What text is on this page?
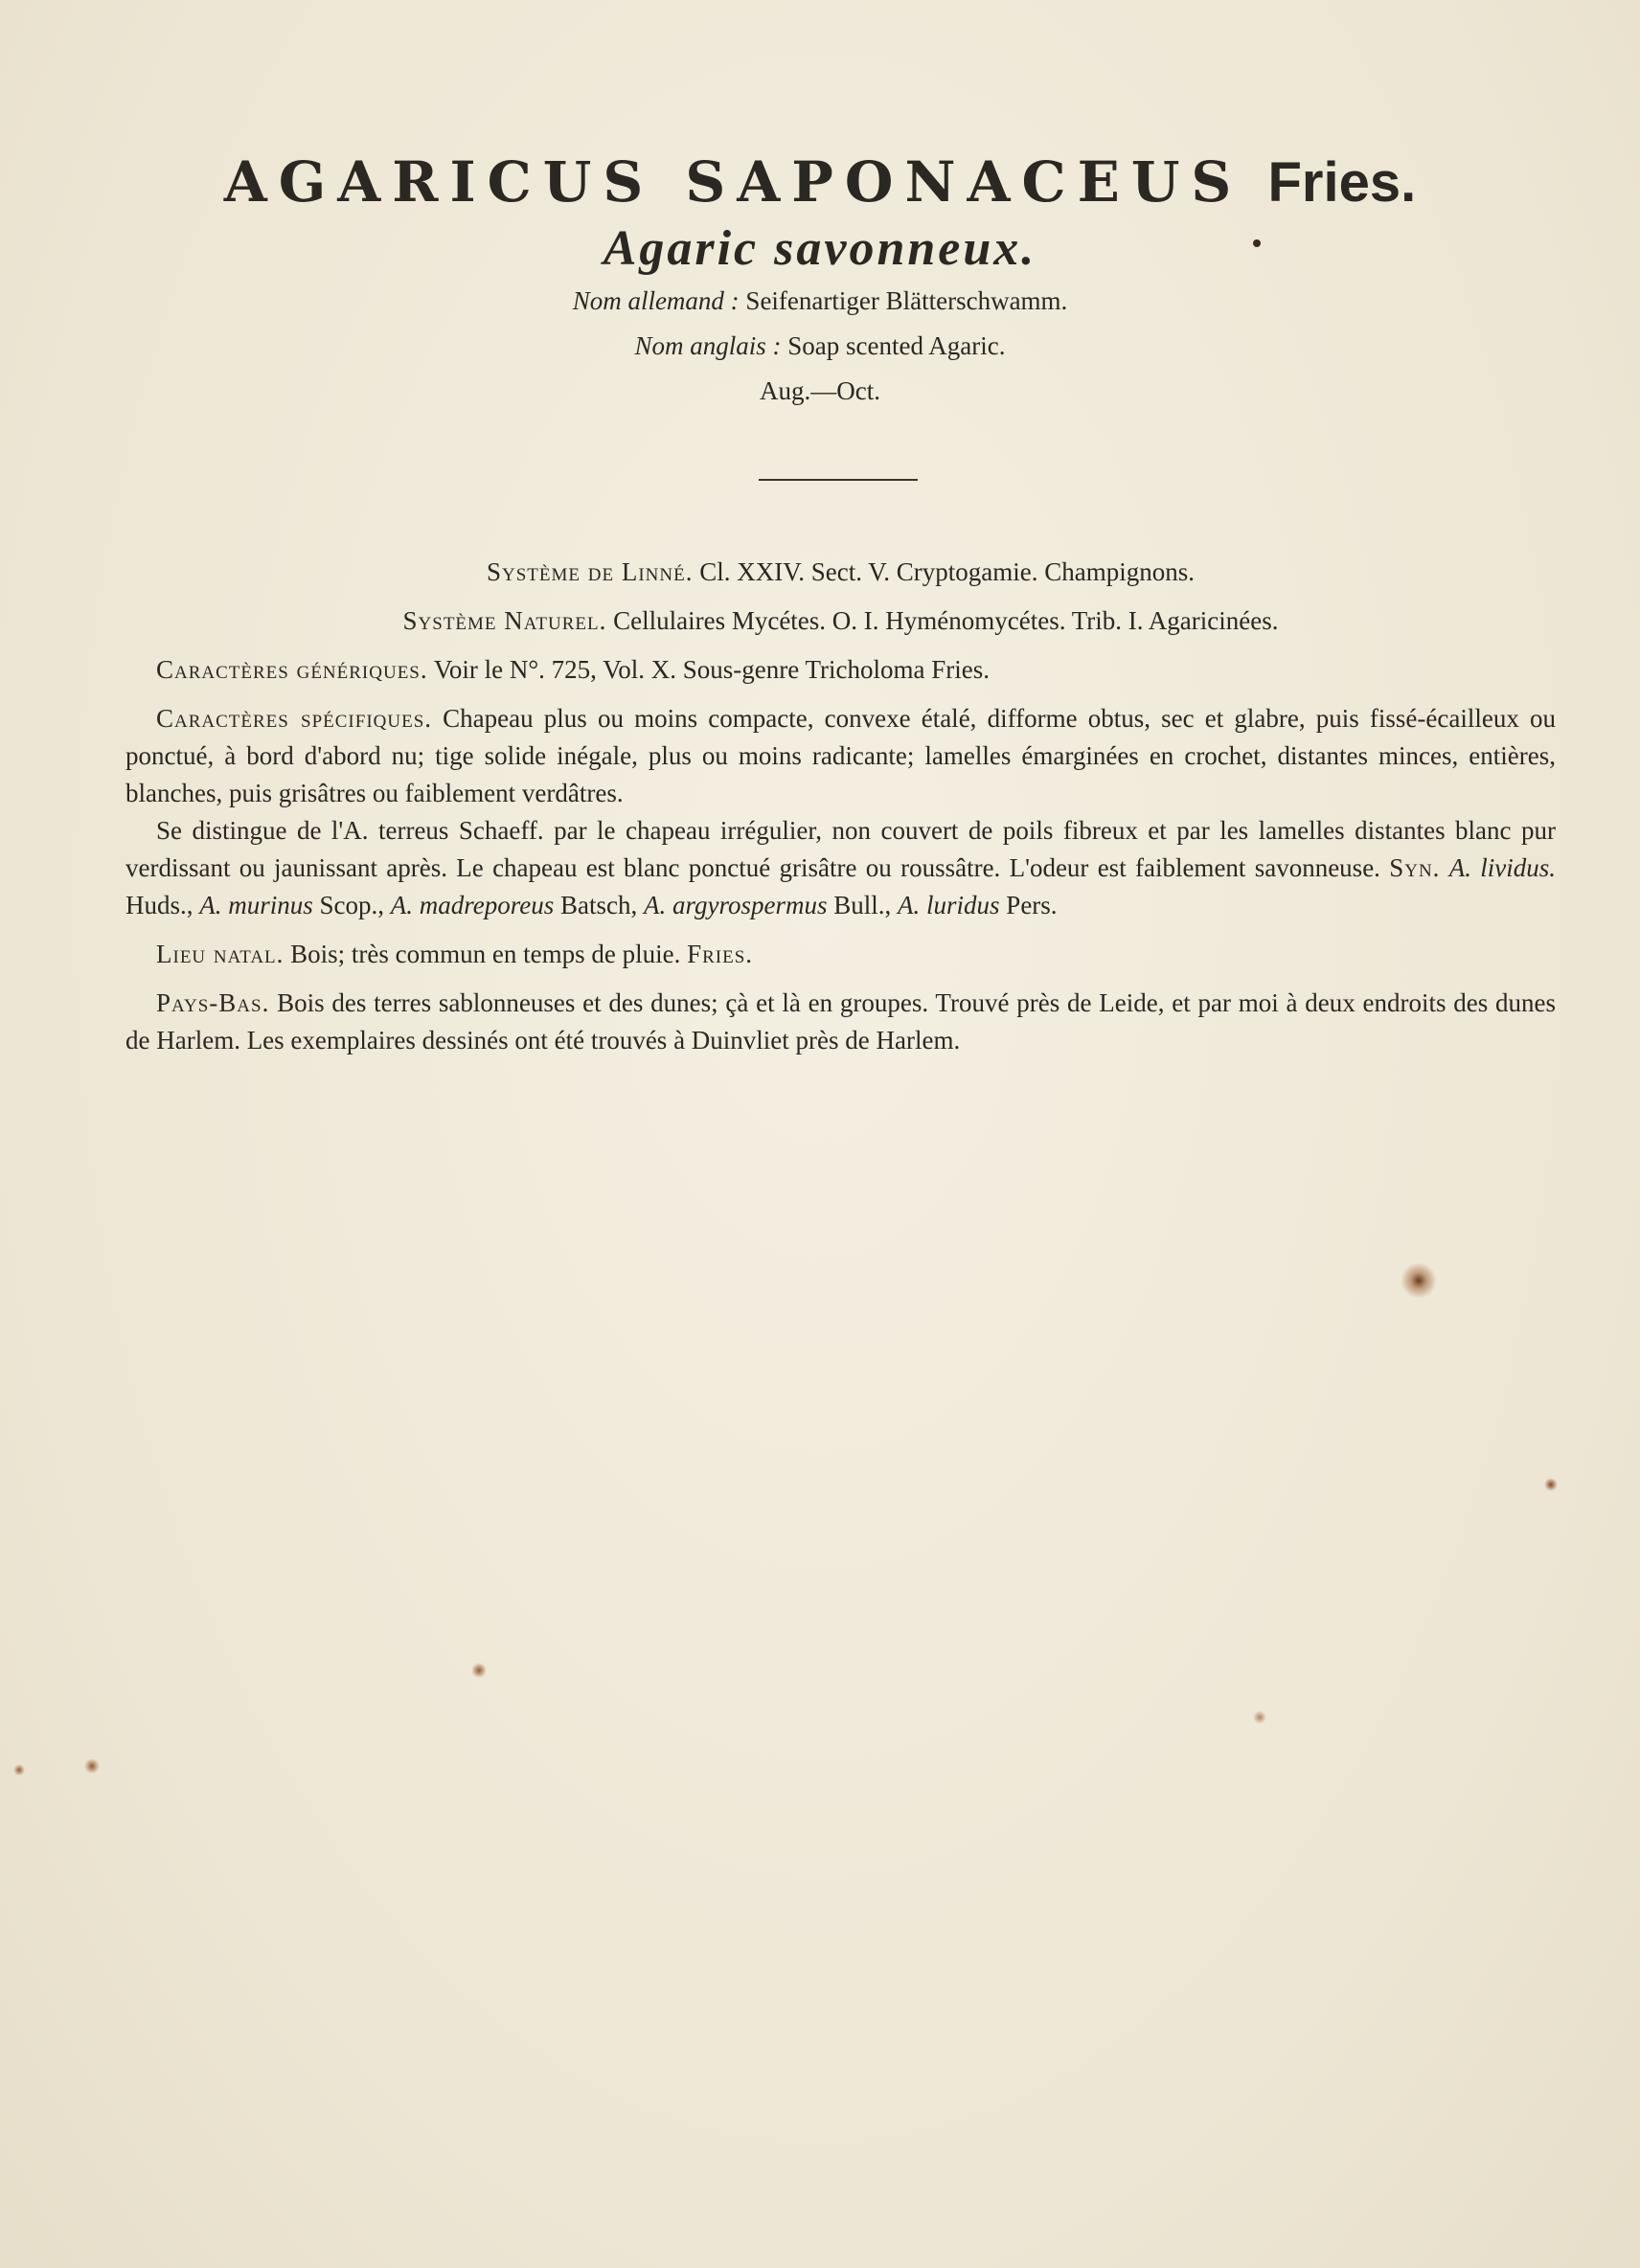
AGARICUS SAPONACEUS Fries.
Agaric savonneux.
Nom allemand : Seifenartiger Blätterschwamm.
Nom anglais : Soap scented Agaric.
Aug.—Oct.

Système de Linné. Cl. XXIV. Sect. V. Cryptogamie. Champignons.

Système Naturel. Cellulaires Mycétes. O. I. Hyménomycétes. Trib. I. Agaricinées.

Caractères génériques. Voir le N°. 725, Vol. X. Sous-genre Tricholoma Fries.

Caractères spécifiques. Chapeau plus ou moins compacte, convexe étalé, difforme obtus, sec et glabre, puis fissé-écailleux ou ponctué, à bord d'abord nu; tige solide inégale, plus ou moins radicante; lamelles émarginées en crochet, distantes minces, entières, blanches, puis grisâtres ou faiblement verdâtres.

Se distingue de l'A. terreus Schaeff. par le chapeau irrégulier, non couvert de poils fibreux et par les lamelles distantes blanc pur verdissant ou jaunissant après. Le chapeau est blanc ponctué grisâtre ou roussâtre. L'odeur est faiblement savonneuse. Syn. A. lividus. Huds., A. murinus Scop., A. madreporeus Batsch, A. argyrospermus Bull., A. luridus Pers.

Lieu natal. Bois; très commun en temps de pluie. Fries.

Pays-Bas. Bois des terres sablonneuses et des dunes; çà et là en groupes. Trouvé près de Leide, et par moi à deux endroits des dunes de Harlem. Les exemplaires dessinés ont été trouvés à Duinvliet près de Harlem.
